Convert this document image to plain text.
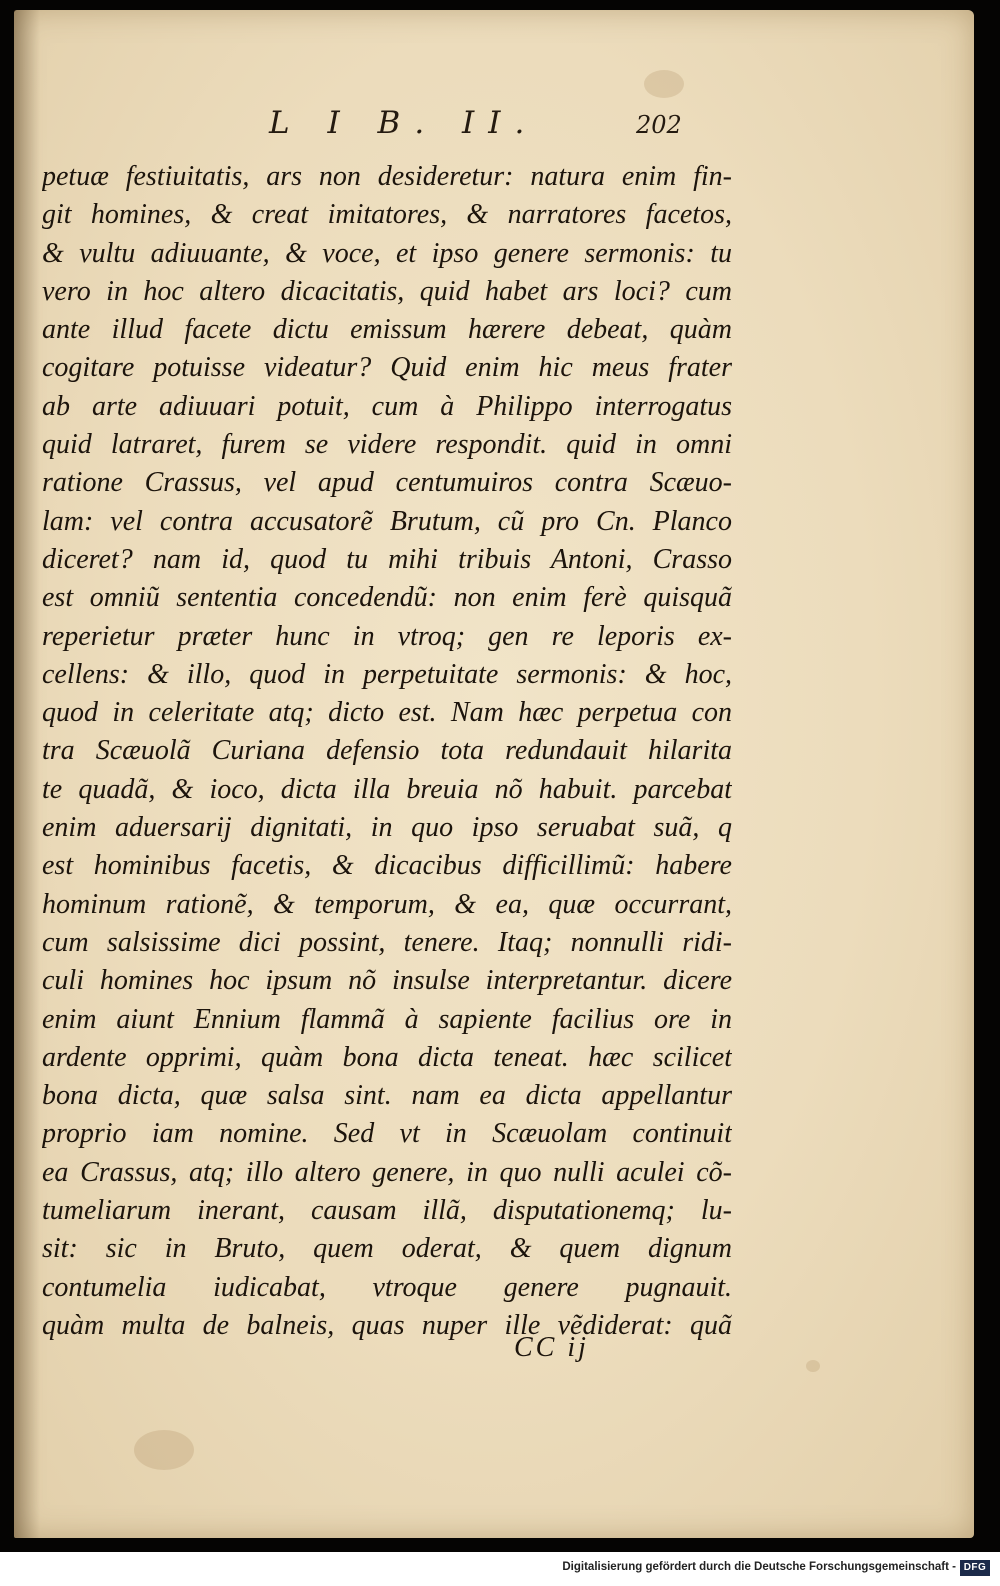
L I B. II.	202
petuæ festiuitatis, ars non desideretur: natura enim fin-
git homines, & creat imitatores, & narratores facetos,
& vultu adiuuante, & voce, et ipso genere sermonis: tu
vero in hoc altero dicacitatis, quid habet ars loci? cum
ante illud facete dictu emissum hærere debeat, quàm
cogitare potuisse videatur? Quid enim hic meus frater
ab arte adiuuari potuit, cum à Philippo interrogatus
quid latraret, furem se videre respondit. quid in omni
ratione Crassus, vel apud centumuiros contra Scæuo-
lam: vel contra accusatorẽ Brutum, cũ pro Cn. Planco
diceret? nam id, quod tu mihi tribuis Antoni, Crasso
est omniũ sententia concedendũ: non enim ferè quisquã
reperietur præter hunc in vtroq; gen re leporis ex-
cellens: & illo, quod in perpetuitate sermonis: & hoc,
quod in celeritate atq; dicto est. Nam hæc perpetua con
tra Scæuolã Curiana defensio tota redundauit hilarita
te quadã, & ioco, dicta illa breuia nõ habuit. parcebat
enim aduersarij dignitati, in quo ipso seruabat suã, q
est hominibus facetis, & dicacibus difficillimũ: habere
hominum rationẽ, & temporum, & ea, quæ occurrant,
cum salsissime dici possint, tenere. Itaq; nonnulli ridi-
culi homines hoc ipsum nõ insulse interpretantur. dicere
enim aiunt Ennium flammã à sapiente facilius ore in
ardente opprimi, quàm bona dicta teneat. hæc scilicet
bona dicta, quæ salsa sint. nam ea dicta appellantur
proprio iam nomine. Sed vt in Scæuolam continuit
ea Crassus, atq; illo altero genere, in quo nulli aculei cõ-
tumeliarum inerant, causam illã, disputationemq; lu-
sit: sic in Bruto, quem oderat, & quem dignum
contumelia iudicabat, vtroque genere pugnauit.
quàm multa de balneis, quas nuper ille vẽdiderat: quã
CC ij
Digitalisierung gefördert durch die Deutsche Forschungsgemeinschaft - DFG
